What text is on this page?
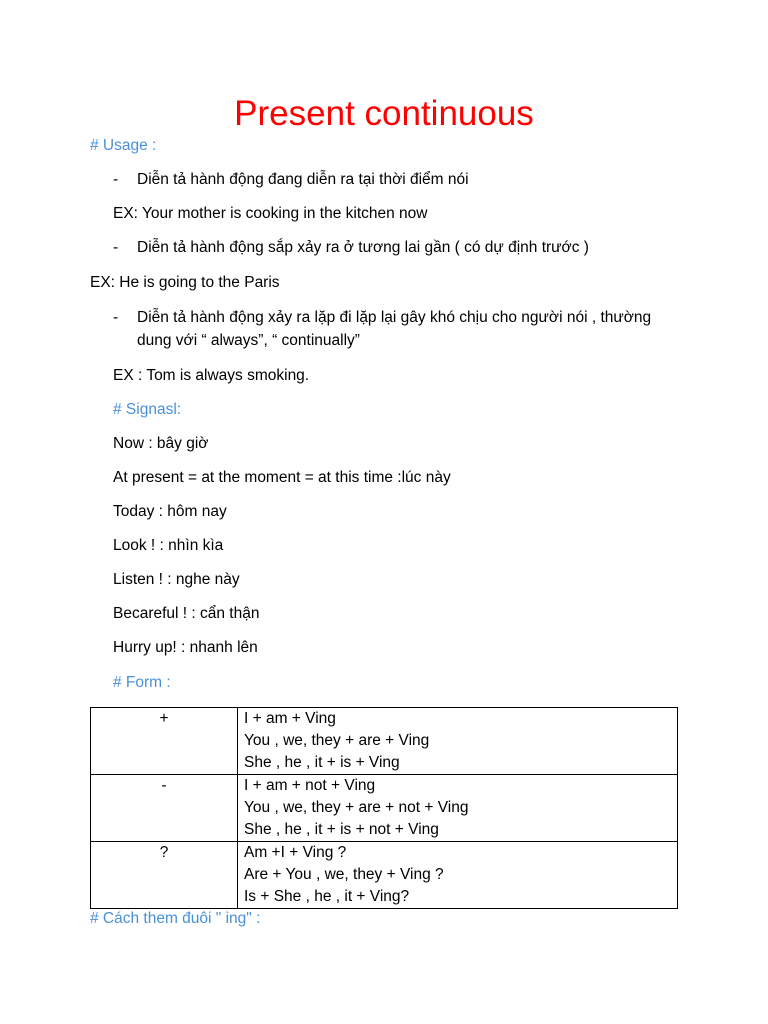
Present continuous
# Usage :
- Diễn tả hành động đang diễn ra tại thời điểm nói
EX: Your mother is cooking in the kitchen now
- Diễn tả hành động sắp xảy ra ở tương lai gần ( có dự định trước )
EX: He is going to the Paris
- Diễn tả hành động xảy ra lặp đi lặp lại gây khó chịu cho người nói , thường
dung với “ always”, “ continually”
EX : Tom is always smoking.
# Signasl:
Now : bây giờ
At present = at the moment = at this time :lúc này
Today : hôm nay
Look ! : nhìn kìa
Listen ! : nghe này
Becareful ! : cẩn thận
Hurry up! : nhanh lên
# Form :
+	I + am + Ving
You , we, they + are + Ving
She , he , it + is + Ving

-	I + am + not + Ving
You , we, they + are + not + Ving
She , he , it + is + not + Ving

?	Am +I + Ving ?
Are + You , we, they + Ving ?
Is + She , he , it + Ving?
# Cách them đuôi " ing" :
